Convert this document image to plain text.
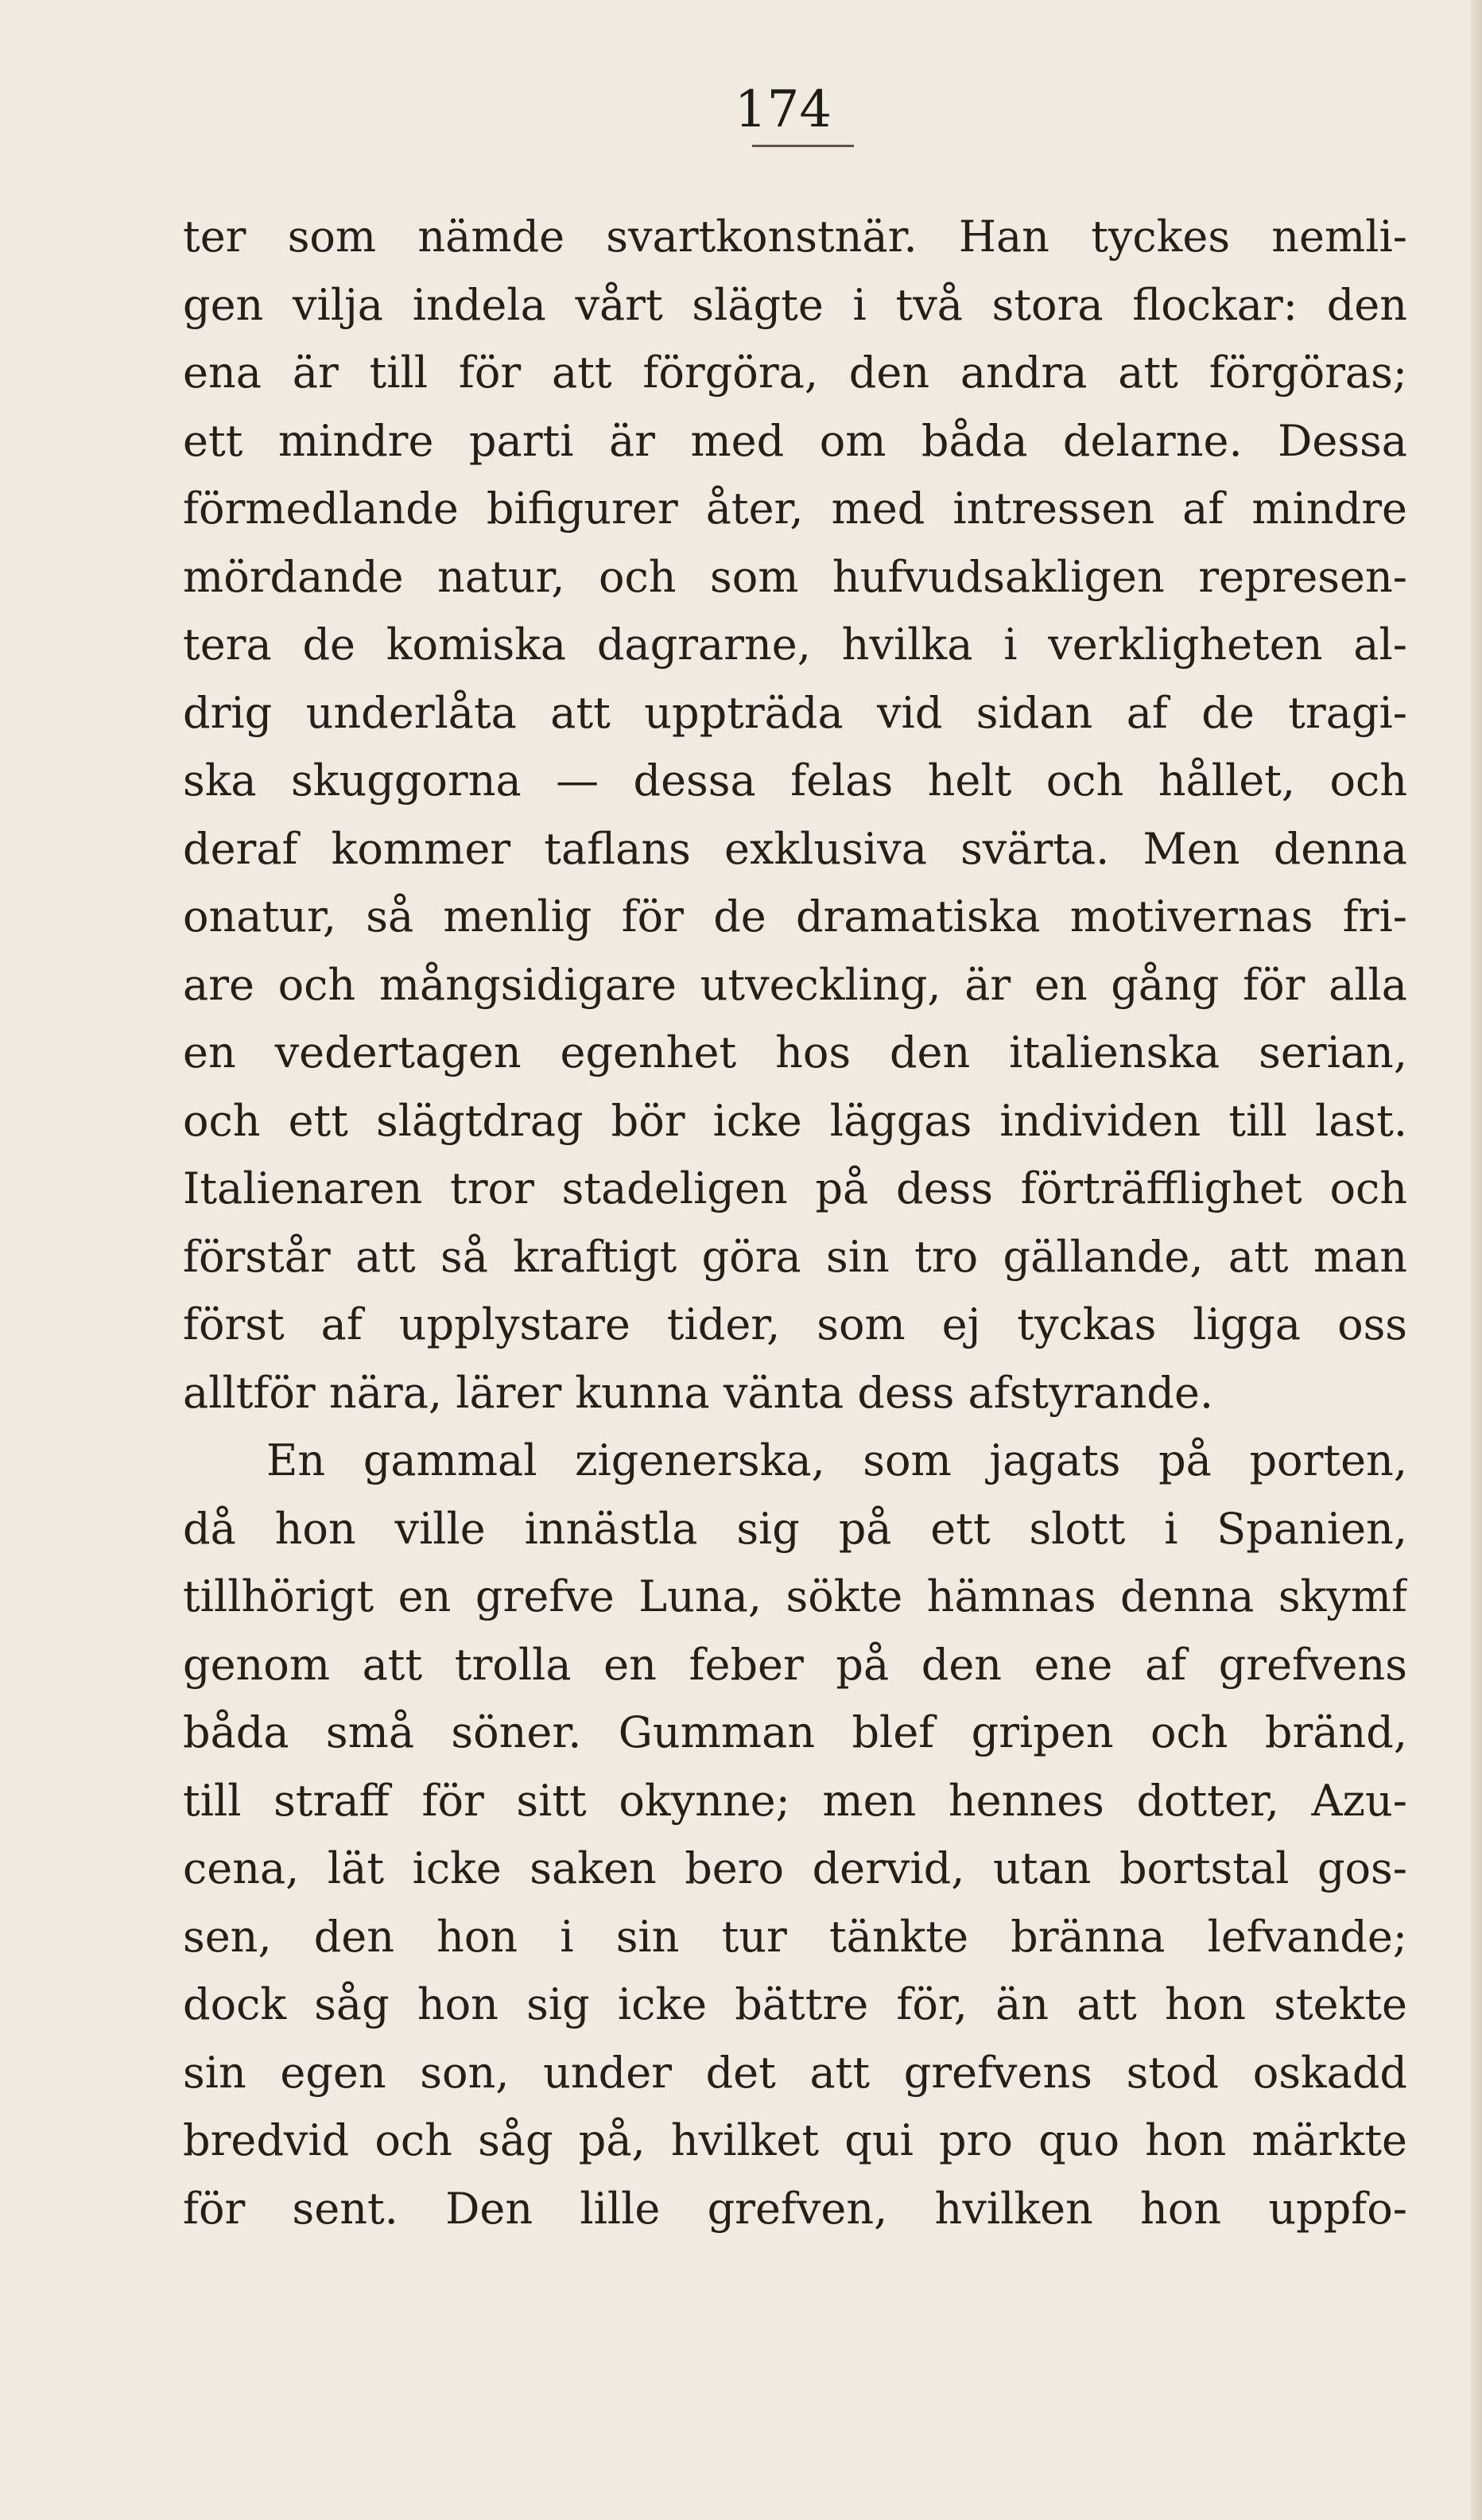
174
ter som nämde svartkonstnär. Han tyckes nemli-
gen vilja indela vårt slägte i två stora flockar: den
ena är till för att förgöra, den andra att förgöras;
ett mindre parti är med om båda delarne. Dessa
förmedlande bifigurer åter, med intressen af mindre
mördande natur, och som hufvudsakligen represen-
tera de komiska dagrarne, hvilka i verkligheten al-
drig underlåta att uppträda vid sidan af de tragi-
ska skuggorna — dessa felas helt och hållet, och
deraf kommer taflans exklusiva svärta. Men denna
onatur, så menlig för de dramatiska motivernas fri-
are och mångsidigare utveckling, är en gång för alla
en vedertagen egenhet hos den italienska serian,
och ett slägtdrag bör icke läggas individen till last.
Italienaren tror stadeligen på dess förträfflighet och
förstår att så kraftigt göra sin tro gällande, att man
först af upplystare tider, som ej tyckas ligga oss
alltför nära, lärer kunna vänta dess afstyrande.
En gammal zigenerska, som jagats på porten,
då hon ville innästla sig på ett slott i Spanien,
tillhörigt en grefve Luna, sökte hämnas denna skymf
genom att trolla en feber på den ene af grefvens
båda små söner. Gumman blef gripen och bränd,
till straff för sitt okynne; men hennes dotter, Azu-
cena, lät icke saken bero dervid, utan bortstal gos-
sen, den hon i sin tur tänkte bränna lefvande;
dock såg hon sig icke bättre för, än att hon stekte
sin egen son, under det att grefvens stod oskadd
bredvid och såg på, hvilket qui pro quo hon märkte
för sent. Den lille grefven, hvilken hon uppfo-
